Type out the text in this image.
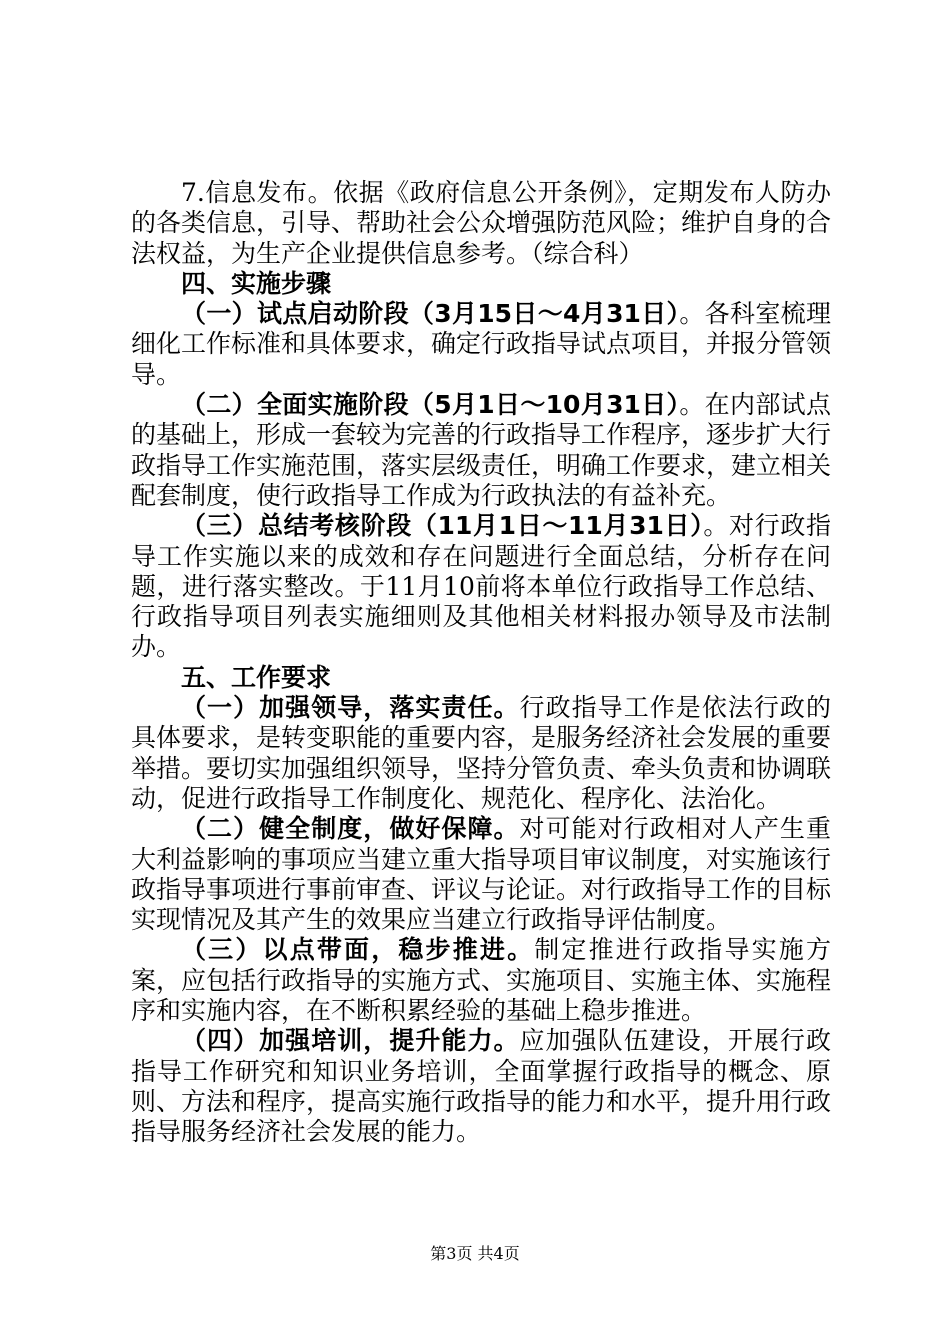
7.信息发布。依据《政府信息公开条例》，定期发布人防办的各类信息，引导、帮助社会公众增强防范风险；维护自身的合法权益，为生产企业提供信息参考。（综合科）

四、实施步骤

（一）试点启动阶段（3月15日～4月31日）。各科室梳理细化工作标准和具体要求，确定行政指导试点项目，并报分管领导。

（二）全面实施阶段（5月1日～10月31日）。在内部试点的基础上，形成一套较为完善的行政指导工作程序，逐步扩大行政指导工作实施范围，落实层级责任，明确工作要求，建立相关配套制度，使行政指导工作成为行政执法的有益补充。

（三）总结考核阶段（11月1日～11月31日）。对行政指导工作实施以来的成效和存在问题进行全面总结，分析存在问题，进行落实整改。于11月10前将本单位行政指导工作总结、行政指导项目列表实施细则及其他相关材料报办领导及市法制办。

五、工作要求

（一）加强领导，落实责任。行政指导工作是依法行政的具体要求，是转变职能的重要内容，是服务经济社会发展的重要举措。要切实加强组织领导，坚持分管负责、牵头负责和协调联动，促进行政指导工作制度化、规范化、程序化、法治化。

（二）健全制度，做好保障。对可能对行政相对人产生重大利益影响的事项应当建立重大指导项目审议制度，对实施该行政指导事项进行事前审查、评议与论证。对行政指导工作的目标实现情况及其产生的效果应当建立行政指导评估制度。

（三）以点带面，稳步推进。制定推进行政指导实施方案，应包括行政指导的实施方式、实施项目、实施主体、实施程序和实施内容，在不断积累经验的基础上稳步推进。

（四）加强培训，提升能力。应加强队伍建设，开展行政指导工作研究和知识业务培训，全面掌握行政指导的概念、原则、方法和程序，提高实施行政指导的能力和水平，提升用行政指导服务经济社会发展的能力。

第3页 共4页
